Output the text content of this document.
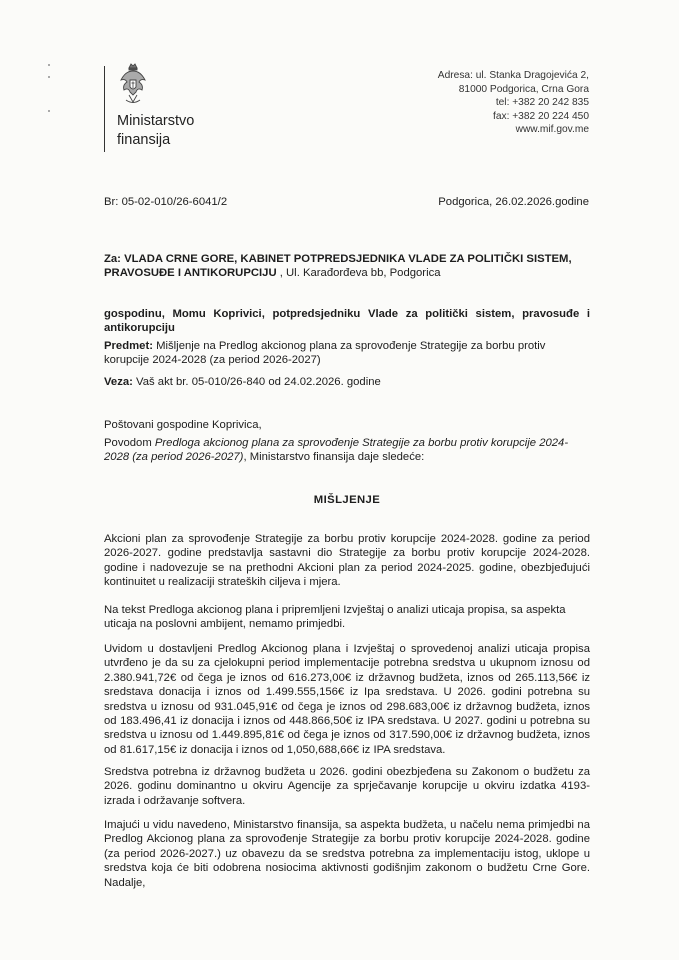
Ministarstvo
finansija
Adresa: ul. Stanka Dragojevića 2,
81000 Podgorica, Crna Gora
tel: +382 20 242 835
fax: +382 20 224 450
www.mif.gov.me
Br: 05-02-010/26-6041/2	Podgorica, 26.02.2026.godine
Za: VLADA CRNE GORE, KABINET POTPREDSJEDNIKA VLADE ZA POLITIČKI SISTEM, PRAVOSUĐE I ANTIKORUPCIJU , Ul. Karađorđeva bb, Podgorica
gospodinu, Momu Koprivici, potpredsjedniku Vlade za politički sistem, pravosuđe i antikorupciju
Predmet: Mišljenje na Predlog akcionog plana za sprovođenje Strategije za borbu protiv korupcije 2024-2028 (za period 2026-2027)
Veza: Vaš akt br. 05-010/26-840 od 24.02.2026. godine
Poštovani gospodine Koprivica,
Povodom Predloga akcionog plana za sprovođenje Strategije za borbu protiv korupcije 2024-2028 (za period 2026-2027), Ministarstvo finansija daje sledeće:
MIŠLJENJE
Akcioni plan za sprovođenje Strategije za borbu protiv korupcije 2024-2028. godine za period 2026-2027. godine predstavlja sastavni dio Strategije za borbu protiv korupcije 2024-2028. godine i nadovezuje se na prethodni Akcioni plan za period 2024-2025. godine, obezbjeđujući kontinuitet u realizaciji strateških ciljeva i mjera.
Na tekst Predloga akcionog plana i pripremljeni Izvještaj o analizi uticaja propisa, sa aspekta uticaja na poslovni ambijent, nemamo primjedbi.
Uvidom u dostavljeni Predlog Akcionog plana i Izvještaj o sprovedenoj analizi uticaja propisa utvrđeno je da su za cjelokupni period implementacije potrebna sredstva u ukupnom iznosu od 2.380.941,72€ od čega je iznos od 616.273,00€ iz državnog budžeta, iznos od 265.113,56€ iz sredstava donacija i iznos od 1.499.555,156€ iz Ipa sredstava. U 2026. godini potrebna su sredstva u iznosu od 931.045,91€ od čega je iznos od 298.683,00€ iz državnog budžeta, iznos od 183.496,41 iz donacija i iznos od 448.866,50€ iz IPA sredstava. U 2027. godini u potrebna su sredstva u iznosu od 1.449.895,81€ od čega je iznos od 317.590,00€ iz državnog budžeta, iznos od 81.617,15€ iz donacija i iznos od 1,050,688,66€ iz IPA sredstava.
Sredstva potrebna iz državnog budžeta u 2026. godini obezbjeđena su Zakonom o budžetu za 2026. godinu dominantno u okviru Agencije za sprječavanje korupcije u okviru izdatka 4193- izrada i održavanje softvera.
Imajući u vidu navedeno, Ministarstvo finansija, sa aspekta budžeta, u načelu nema primjedbi na Predlog Akcionog plana za sprovođenje Strategije za borbu protiv korupcije 2024-2028. godine (za period 2026-2027.) uz obavezu da se sredstva potrebna za implementaciju istog, uklope u sredstva koja će biti odobrena nosiocima aktivnosti godišnjim zakonom o budžetu Crne Gore. Nadalje,
